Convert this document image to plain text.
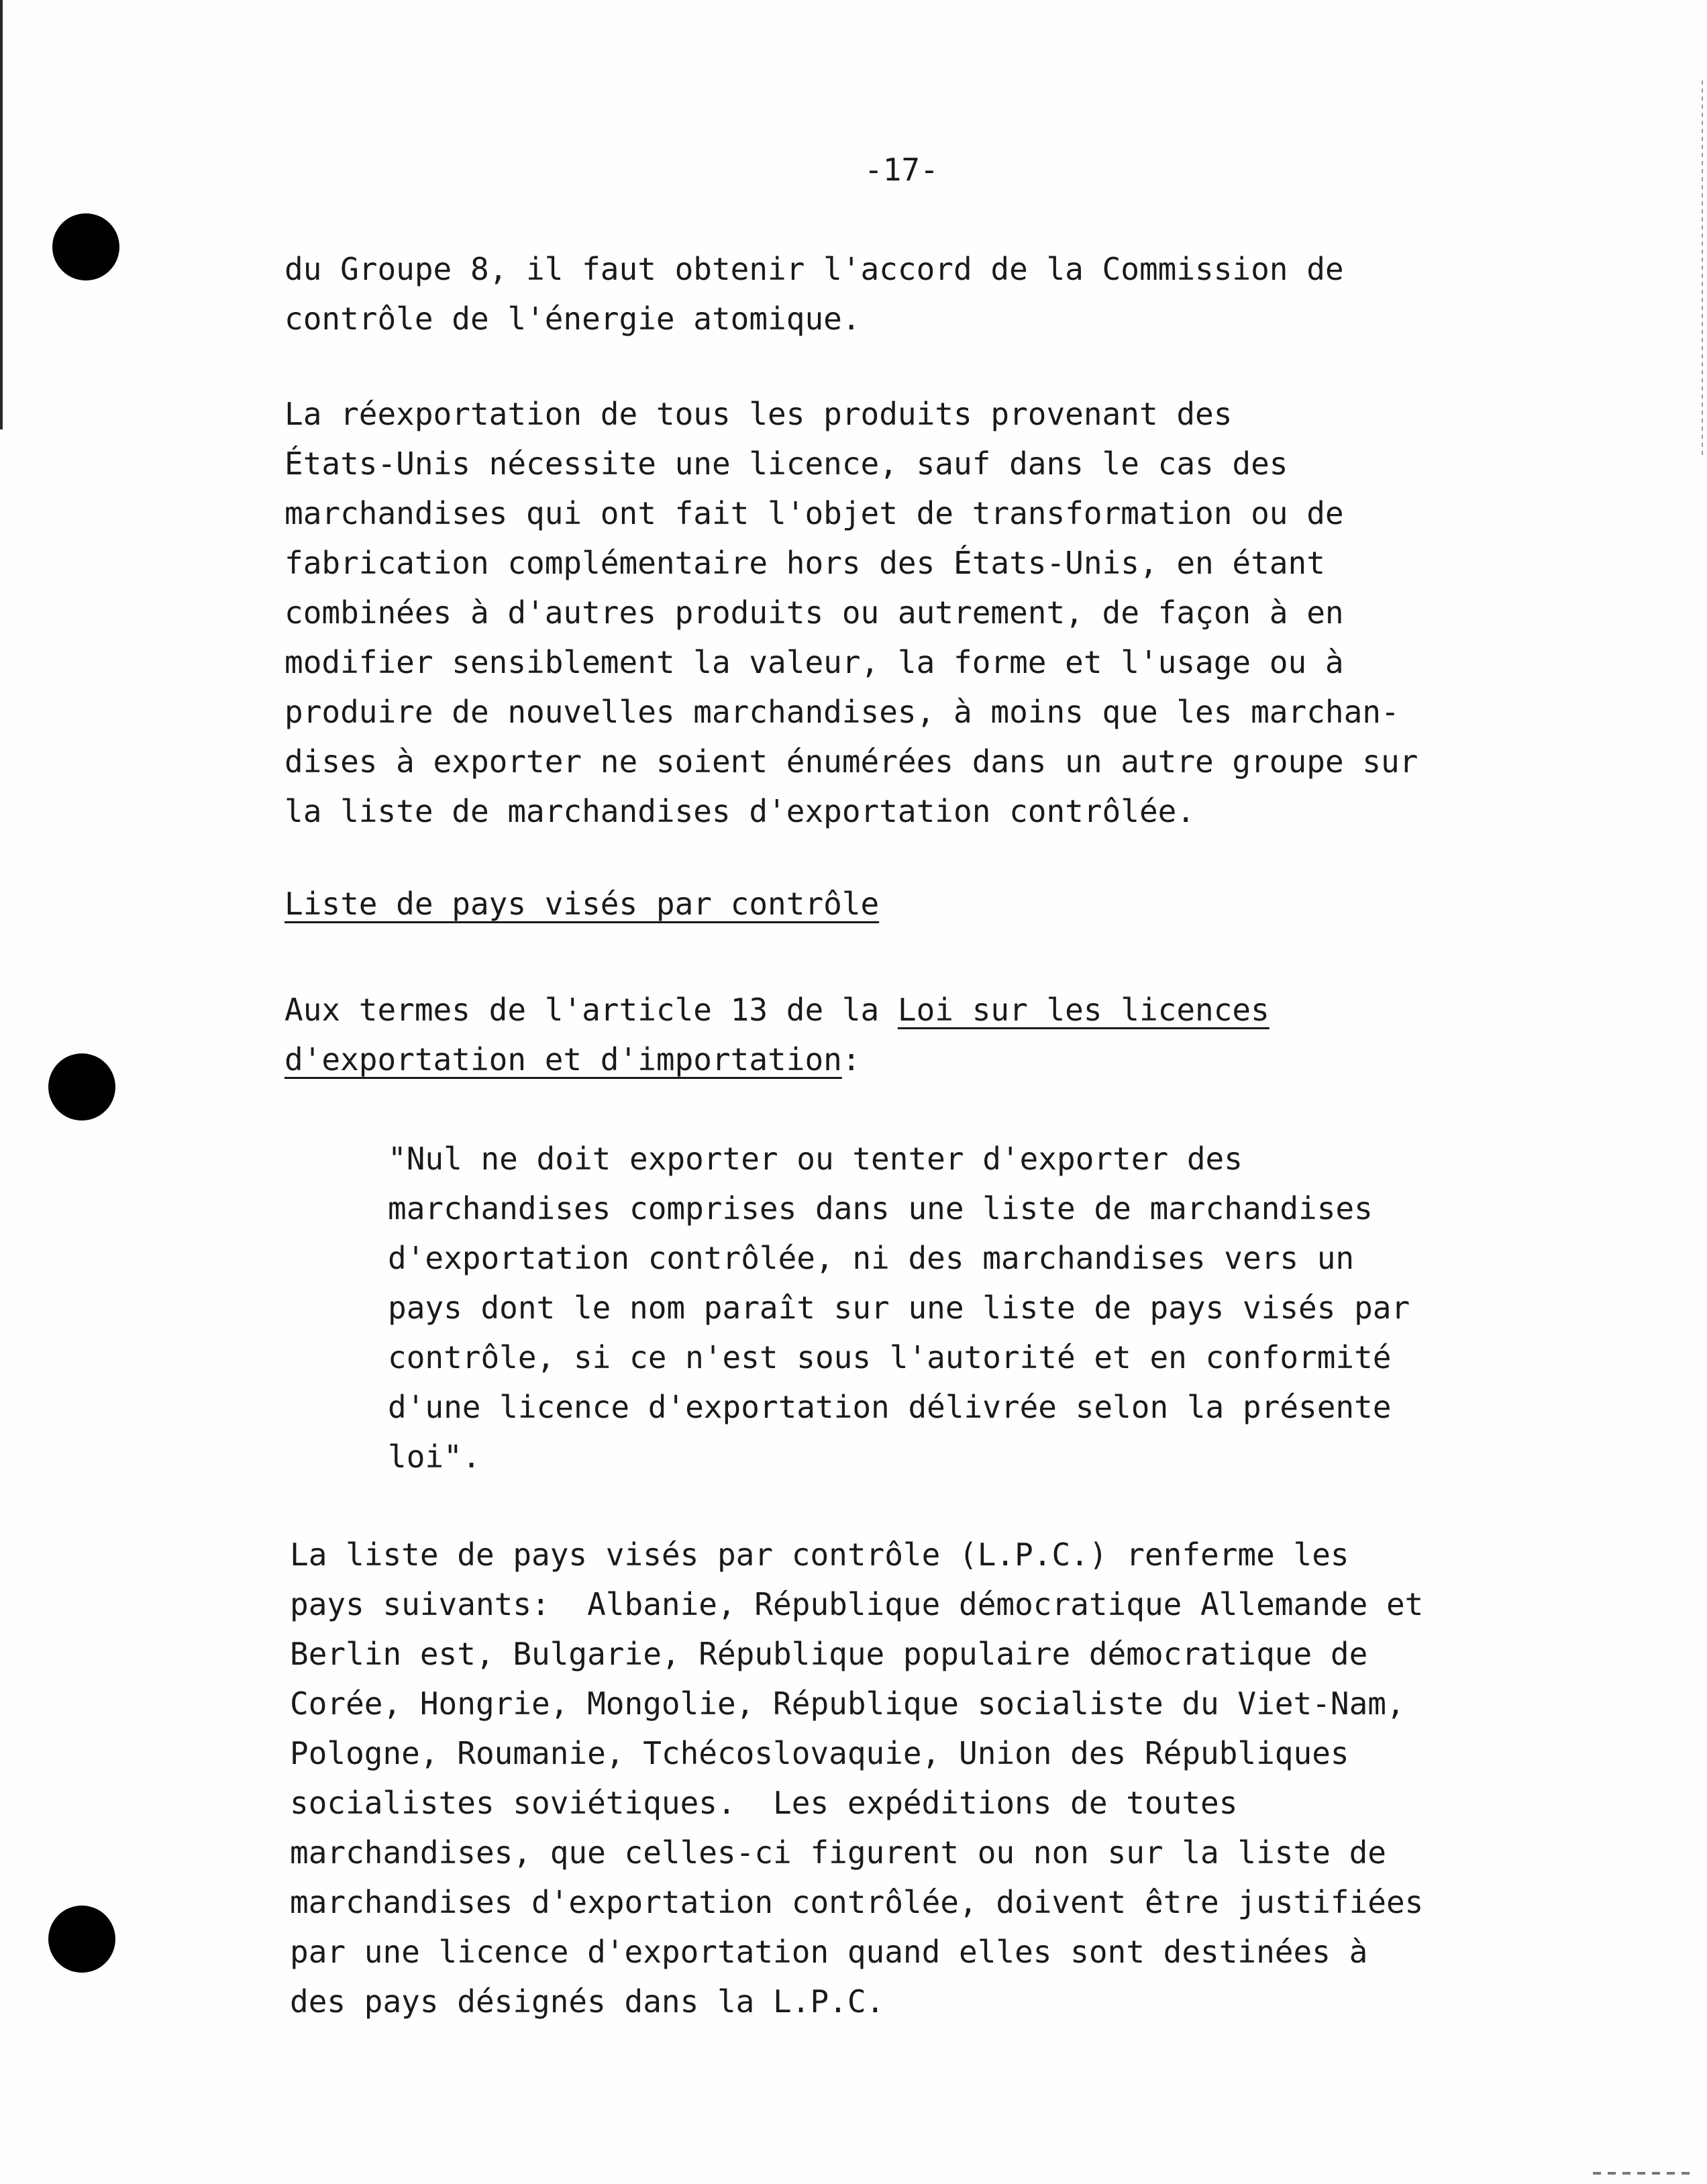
-17-
du Groupe 8, il faut obtenir l'accord de la Commission de
contrôle de l'énergie atomique.
La réexportation de tous les produits provenant des
États-Unis nécessite une licence, sauf dans le cas des
marchandises qui ont fait l'objet de transformation ou de
fabrication complémentaire hors des États-Unis, en étant
combinées à d'autres produits ou autrement, de façon à en
modifier sensiblement la valeur, la forme et l'usage ou à
produire de nouvelles marchandises, à moins que les marchan-
dises à exporter ne soient énumérées dans un autre groupe sur
la liste de marchandises d'exportation contrôlée.
Liste de pays visés par contrôle
Aux termes de l'article 13 de la Loi sur les licences
d'exportation et d'importation:
"Nul ne doit exporter ou tenter d'exporter des
marchandises comprises dans une liste de marchandises
d'exportation contrôlée, ni des marchandises vers un
pays dont le nom paraît sur une liste de pays visés par
contrôle, si ce n'est sous l'autorité et en conformité
d'une licence d'exportation délivrée selon la présente
loi".
La liste de pays visés par contrôle (L.P.C.) renferme les
pays suivants:  Albanie, République démocratique Allemande et
Berlin est, Bulgarie, République populaire démocratique de
Corée, Hongrie, Mongolie, République socialiste du Viet-Nam,
Pologne, Roumanie, Tchécoslovaquie, Union des Républiques
socialistes soviétiques.  Les expéditions de toutes
marchandises, que celles-ci figurent ou non sur la liste de
marchandises d'exportation contrôlée, doivent être justifiées
par une licence d'exportation quand elles sont destinées à
des pays désignés dans la L.P.C.
